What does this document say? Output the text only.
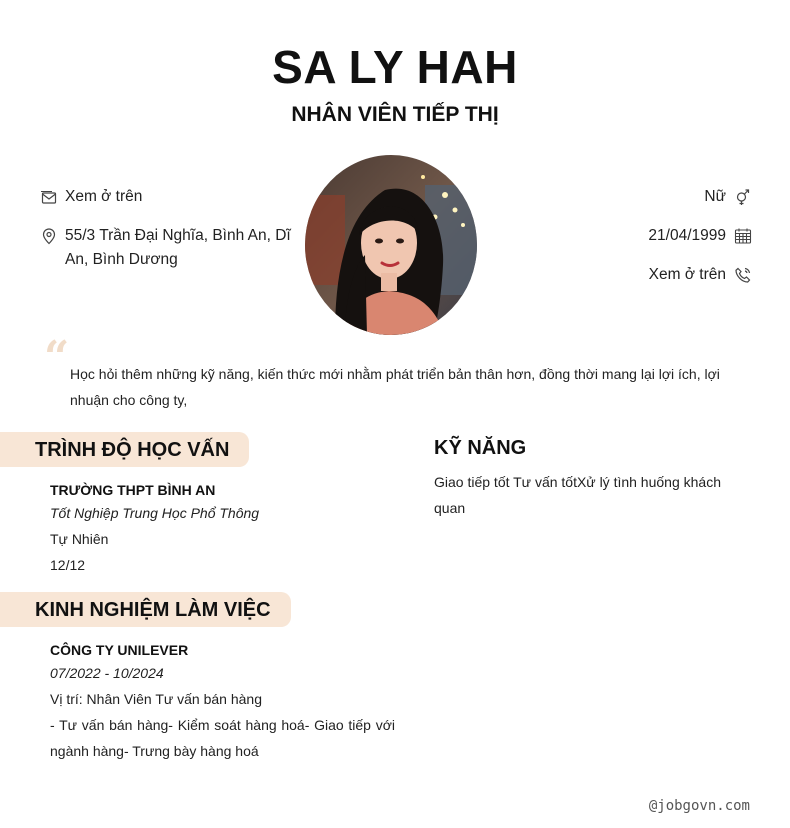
SA LY HAH
NHÂN VIÊN TIẾP THỊ
Xem ở trên
55/3 Trần Đại Nghĩa, Bình An, Dĩ An, Bình Dương
Nữ
21/04/1999
Xem ở trên
“ Học hỏi thêm những kỹ năng, kiến thức mới nhằm phát triển bản thân hơn, đồng thời mang lại lợi ích, lợi nhuận cho công ty,
TRÌNH ĐỘ HỌC VẤN
TRƯỜNG THPT BÌNH AN
Tốt Nghiệp Trung Học Phổ Thông
Tự Nhiên
12/12
KỸ NĂNG
Giao tiếp tốt Tư vấn tốtXử lý tình huống khách quan
KINH NGHIỆM LÀM VIỆC
CÔNG TY UNILEVER
07/2022 - 10/2024
Vị trí: Nhân Viên Tư vấn bán hàng
- Tư vấn bán hàng- Kiểm soát hàng hoá- Giao tiếp với ngành hàng- Trưng bày hàng hoá
@jobgovn.com
